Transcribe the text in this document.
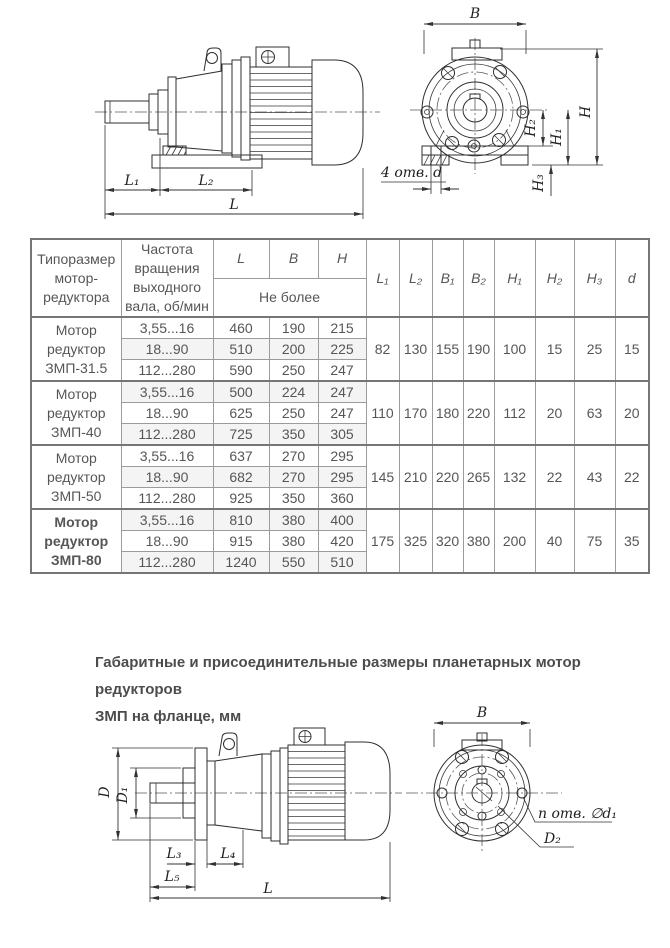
L₁	L₂
L
4 отв. d
B
H
H₂
H₁
H₃
Типоразмер мотор-редуктора	Частота вращения выходного вала, об/мин	L	B	H	L₁	L₂	B₁	B₂	H₁	H₂	H₃	d
		Не более										
Мотор редуктор ЗМП-31.5	3,55...16	460	190	215	82	130	155	190	100	15	25	15
	18...90	510	200	225								
	112...280	590	250	247								
Мотор редуктор ЗМП-40	3,55...16	500	224	247	110	170	180	220	112	20	63	20
	18...90	625	250	247								
	112...280	725	350	305								
Мотор редуктор ЗМП-50	3,55...16	637	270	295	145	210	220	265	132	22	43	22
	18...90	682	270	295								
	112...280	925	350	360								
Мотор редуктор ЗМП-80	3,55...16	810	380	400	175	325	320	380	200	40	75	35
	18...90	915	380	420								
	112...280	1240	550	510								
Габаритные и присоединительные размеры планетарных мотор редукторов
ЗМП на фланце, мм
D D₁
L₃	L₄
L₅
L
B
n отв. ∅d₁
D₂
